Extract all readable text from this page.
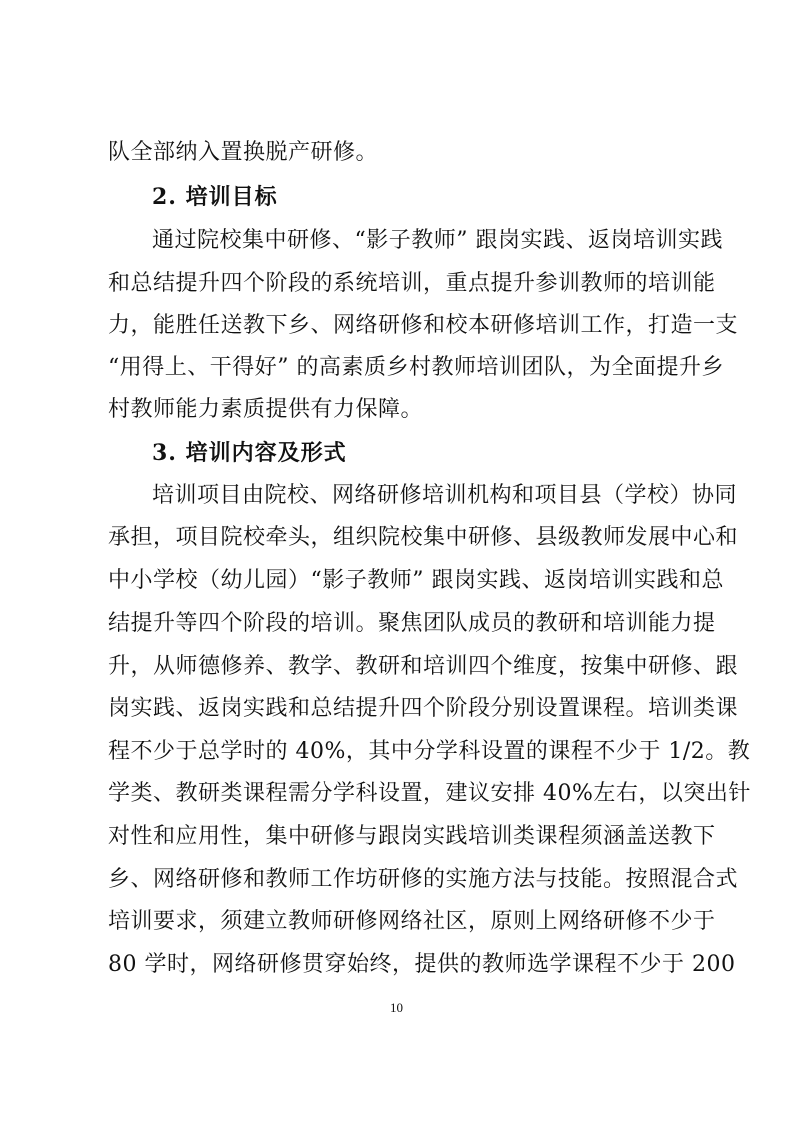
队全部纳入置换脱产研修。
2. 培训目标
通过院校集中研修、“影子教师” 跟岗实践、返岗培训实践
和总结提升四个阶段的系统培训，重点提升参训教师的培训能
力，能胜任送教下乡、网络研修和校本研修培训工作，打造一支
“用得上、干得好” 的高素质乡村教师培训团队，为全面提升乡
村教师能力素质提供有力保障。
3. 培训内容及形式
培训项目由院校、网络研修培训机构和项目县（学校）协同
承担，项目院校牵头，组织院校集中研修、县级教师发展中心和
中小学校（幼儿园）“影子教师” 跟岗实践、返岗培训实践和总
结提升等四个阶段的培训。聚焦团队成员的教研和培训能力提
升，从师德修养、教学、教研和培训四个维度，按集中研修、跟
岗实践、返岗实践和总结提升四个阶段分别设置课程。培训类课
程不少于总学时的 40%，其中分学科设置的课程不少于 1/2。教
学类、教研类课程需分学科设置，建议安排 40%左右，以突出针
对性和应用性，集中研修与跟岗实践培训类课程须涵盖送教下
乡、网络研修和教师工作坊研修的实施方法与技能。按照混合式
培训要求，须建立教师研修网络社区，原则上网络研修不少于
80 学时，网络研修贯穿始终，提供的教师选学课程不少于 200
10
